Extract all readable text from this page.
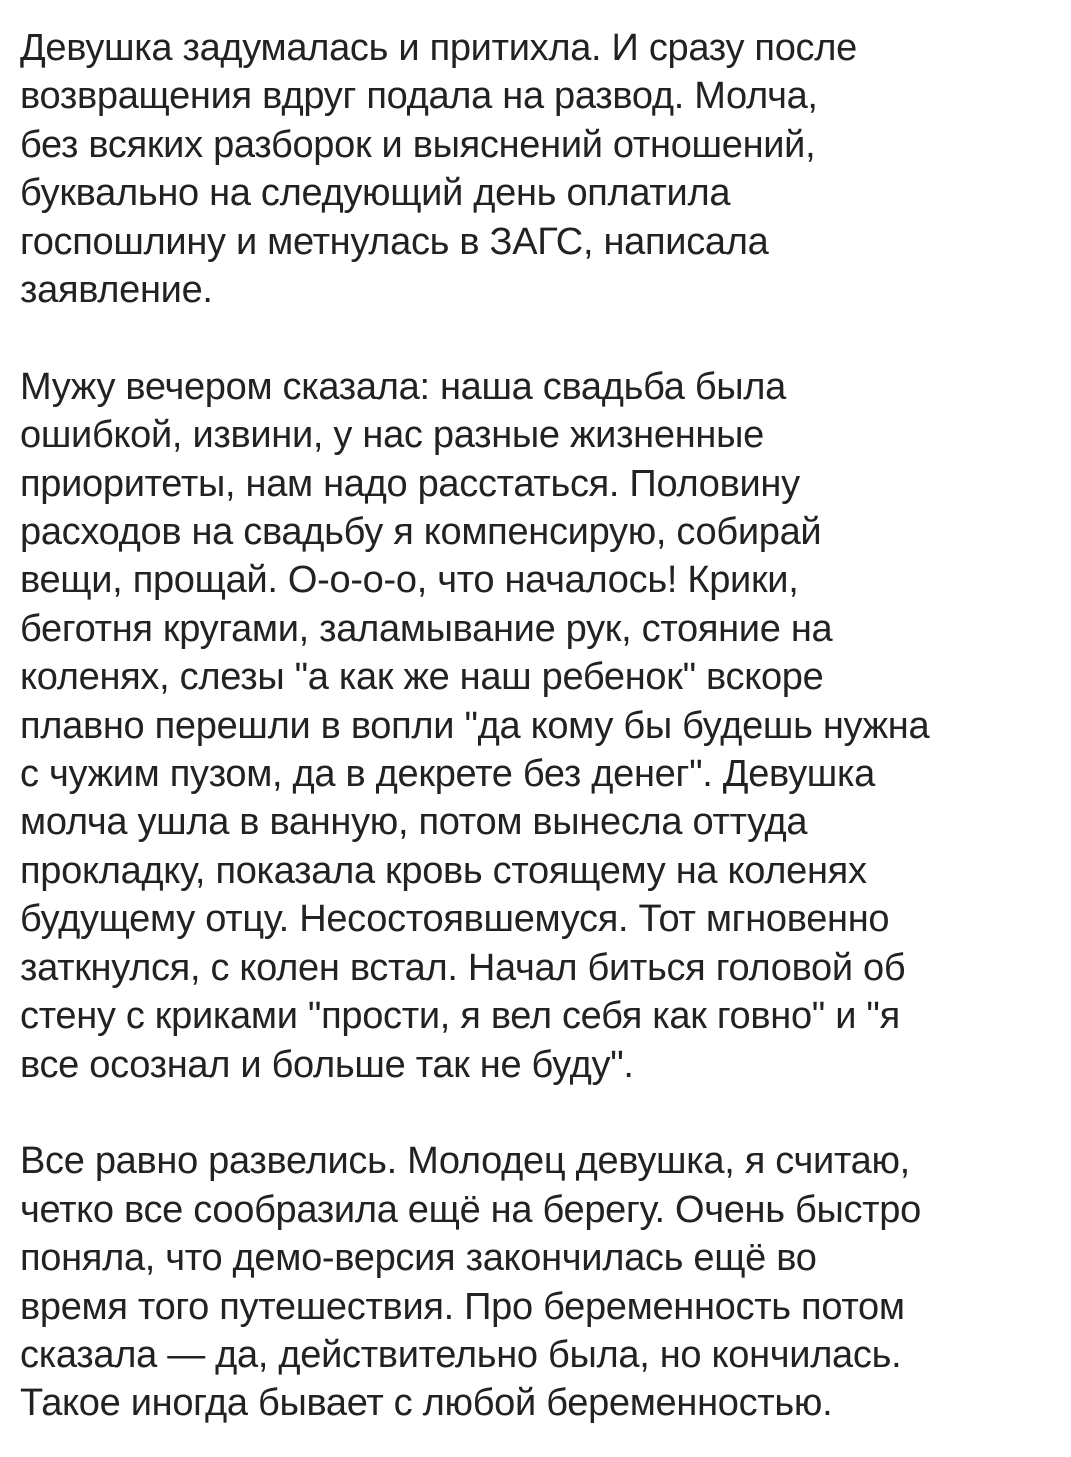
Девушка задумалась и притихла. И сразу после
возвращения вдруг подала на развод. Молча,
без всяких разборок и выяснений отношений,
буквально на следующий день оплатила
госпошлину и метнулась в ЗАГС, написала
заявление.

Мужу вечером сказала: наша свадьба была
ошибкой, извини, у нас разные жизненные
приоритеты, нам надо расстаться. Половину
расходов на свадьбу я компенсирую, собирай
вещи, прощай. О-о-о-о, что началось! Крики,
беготня кругами, заламывание рук, стояние на
коленях, слезы "а как же наш ребенок" вскоре
плавно перешли в вопли "да кому бы будешь нужна
с чужим пузом, да в декрете без денег". Девушка
молча ушла в ванную, потом вынесла оттуда
прокладку, показала кровь стоящему на коленях
будущему отцу. Несостоявшемуся. Тот мгновенно
заткнулся, с колен встал. Начал биться головой об
стену с криками "прости, я вел себя как говно" и "я
все осознал и больше так не буду".

Все равно развелись. Молодец девушка, я считаю,
четко все сообразила ещё на берегу. Очень быстро
поняла, что демо-версия закончилась ещё во
время того путешествия. Про беременность потом
сказала — да, действительно была, но кончилась.
Такое иногда бывает с любой беременностью.
